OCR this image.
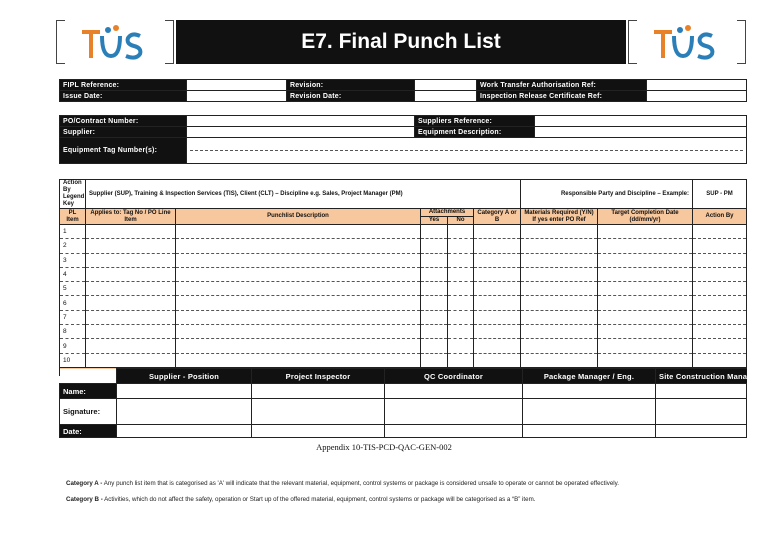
E7. Final Punch List
FIPL Reference:		Revision:		Work Transfer Authorisation Ref:	
Issue Date:		Revision Date:		Inspection Release Certificate Ref:	
PO/Contract Number:		Suppliers Reference:	
Supplier:		Equipment Description:	
Equipment Tag Number(s):			
Action By Legend Key	Supplier (SUP), Training & Inspection Services (TIS), Client (CLT) – Discipline e.g. Sales, Project Manager (PM)					Responsible Party and Discipline – Example:		SUP - PM
PL Item	Applies to: Tag No / PO Line Item	Punchlist Description	Attachments		Category A or B	Materials Required (Y/N) If yes enter PO Ref	Target Completion Date (dd/mm/yr)	Action By
			Yes	No				
1								
2								
3								
4								
5								
6								
7								
8								
9								
10								

	Supplier - Position	Project Inspector	QC Coordinator	Package Manager / Eng.	Site Construction Manager
Name:					
Signature:					
Date:					
Appendix 10-TIS-PCD-QAC-GEN-002
Category A - Any punch list item that is categorised as 'A' will indicate that the relevant material, equipment, control systems or package is considered unsafe to operate or cannot be operated effectively.
Category B - Activities, which do not affect the safety, operation or Start up of the offered material, equipment, control systems or package will be categorised as a “B” item.
